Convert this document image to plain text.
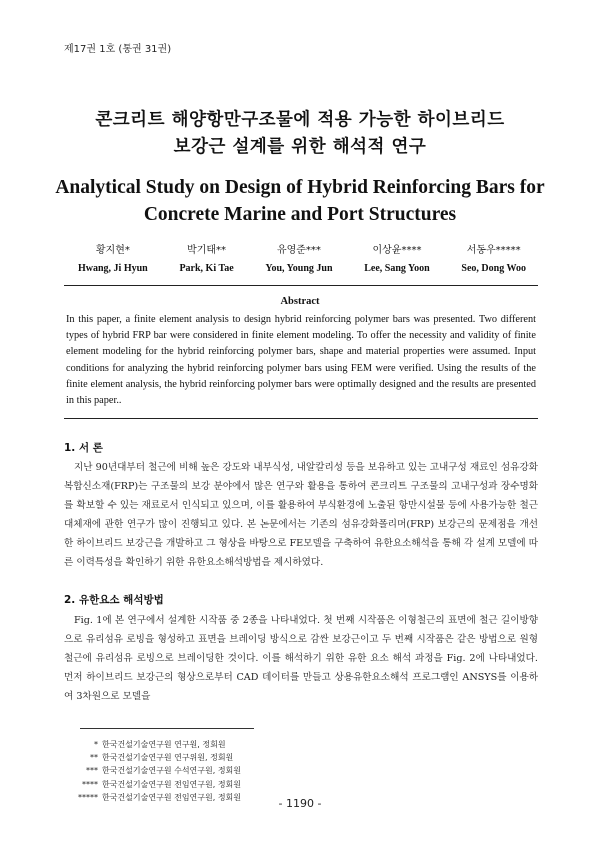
제17권 1호 (통권 31권)
콘크리트 해양항만구조물에 적용 가능한 하이브리드
보강근 설계를 위한 해석적 연구
Analytical Study on Design of Hybrid Reinforcing Bars for
Concrete Marine and Port Structures
황지현*
Hwang, Ji Hyun
박기태**
Park, Ki Tae
유영준***
You, Young Jun
이상윤****
Lee, Sang Yoon
서동우*****
Seo, Dong Woo
Abstract

In this paper, a finite element analysis to design hybrid reinforcing polymer bars was presented. Two different types of hybrid FRP bar were considered in finite element modeling. To offer the necessity and validity of finite element modeling for the hybrid reinforcing polymer bars, shape and material properties were assumed. Input conditions for analyzing the hybrid reinforcing polymer bars using FEM were verified. Using the results of the finite element analysis, the hybrid reinforcing polymer bars were optimally designed and the results are presented in this paper..

1. 서 론

지난 90년대부터 철근에 비해 높은 강도와 내부식성, 내알칼리성 등을 보유하고 있는 고내구성 재료인 섬유강화 복합신소재(FRP)는 구조물의 보강 분야에서 많은 연구와 활용을 통하여 콘크리트 구조물의 고내구성과 장수명화를 확보할 수 있는 재료로서 인식되고 있으며, 이를 활용하여 부식환경에 노출된 항만시설물 등에 사용가능한 철근대체재에 관한 연구가 많이 진행되고 있다. 본 논문에서는 기존의 섬유강화폴리머(FRP) 보강근의 문제점을 개선한 하이브리드 보강근을 개발하고 그 형상을 바탕으로 FE모델을 구축하여 유한요소해석을 통해 각 설계 모델에 따른 이력특성을 확인하기 위한 유한요소해석방법을 제시하였다.

2. 유한요소 해석방법

Fig. 1에 본 연구에서 설계한 시작품 중 2종을 나타내었다. 첫 번째 시작품은 이형철근의 표면에 철근 길이방향으로 유리섬유 로빙을 형성하고 표면을 브레이딩 방식으로 감싼 보강근이고 두 번째 시작품은 같은 방법으로 원형철근에 유리섬유 로빙으로 브레이딩한 것이다. 이를 해석하기 위한 유한 요소 해석 과정을 Fig. 2에 나타내었다. 먼저 하이브리드 보강근의 형상으로부터 CAD 데이터를 만들고 상용유한요소해석 프로그램인 ANSYS를 이용하여 3차원으로 모델을

* 한국건설기술연구원 연구원, 정회원
** 한국건설기술연구원 연구위원, 정회원
*** 한국건설기술연구원 수석연구원, 정회원
**** 한국건설기술연구원 전임연구원, 정회원
***** 한국건설기술연구원 전임연구원, 정회원	- 1190 -
